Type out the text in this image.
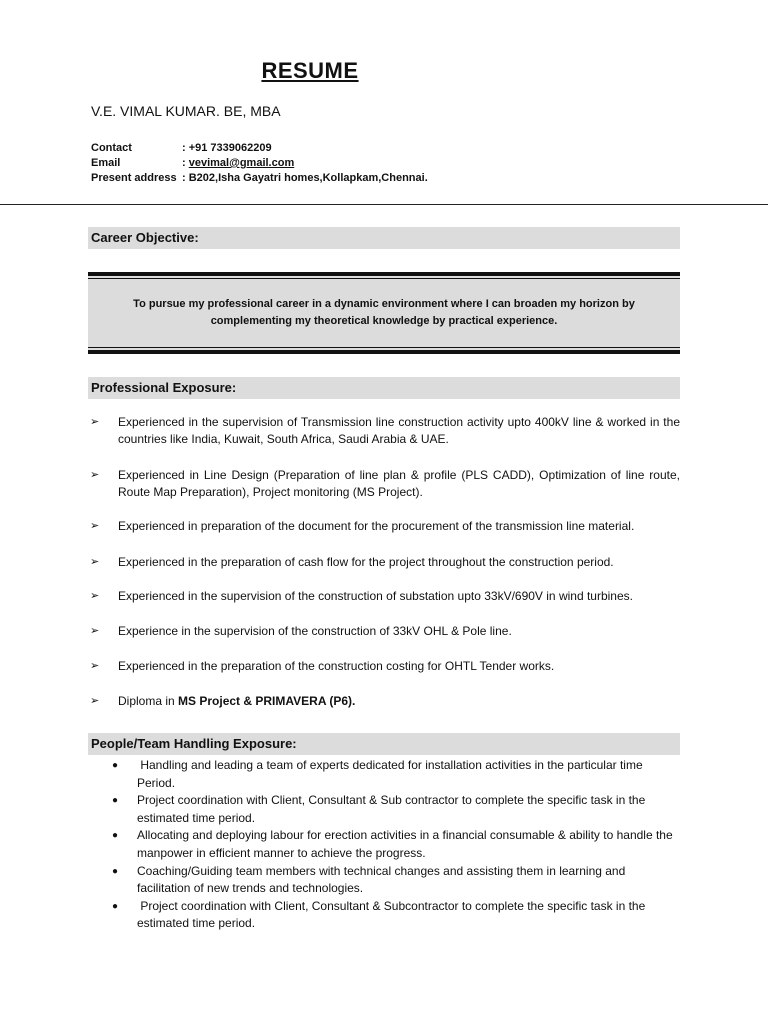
RESUME
V.E. VIMAL KUMAR. BE, MBA
Contact	: +91 7339062209
Email	: vevimal@gmail.com
Present address : B202,Isha Gayatri homes,Kollapkam,Chennai.
Career Objective:
To pursue my professional career in a dynamic environment where I can broaden my horizon by complementing my theoretical knowledge by practical experience.
Professional Exposure:
➢	Experienced in the supervision of Transmission line construction activity upto 400kV line & worked in the countries like India, Kuwait, South Africa, Saudi Arabia & UAE.
➢	Experienced in Line Design (Preparation of line plan & profile (PLS CADD), Optimization of line route, Route Map Preparation), Project monitoring (MS Project).
➢	Experienced in preparation of the document for the procurement of the transmission line material.
➢	Experienced in the preparation of cash flow for the project throughout the construction period.
➢	Experienced in the supervision of the construction of substation upto 33kV/690V in wind turbines.
➢	Experience in the supervision of the construction of 33kV OHL & Pole line.
➢	Experienced in the preparation of the construction costing for OHTL Tender works.
➢	Diploma in MS Project & PRIMAVERA (P6).
People/Team Handling Exposure:
●	Handling and leading a team of experts dedicated for installation activities in the particular time Period.
●	Project coordination with Client, Consultant & Sub contractor to complete the specific task in the estimated time period.
●	Allocating and deploying labour for erection activities in a financial consumable & ability to handle the manpower in efficient manner to achieve the progress.
●	Coaching/Guiding team members with technical changes and assisting them in learning and facilitation of new trends and technologies.
●	Project coordination with Client, Consultant & Subcontractor to complete the specific task in the estimated time period.
